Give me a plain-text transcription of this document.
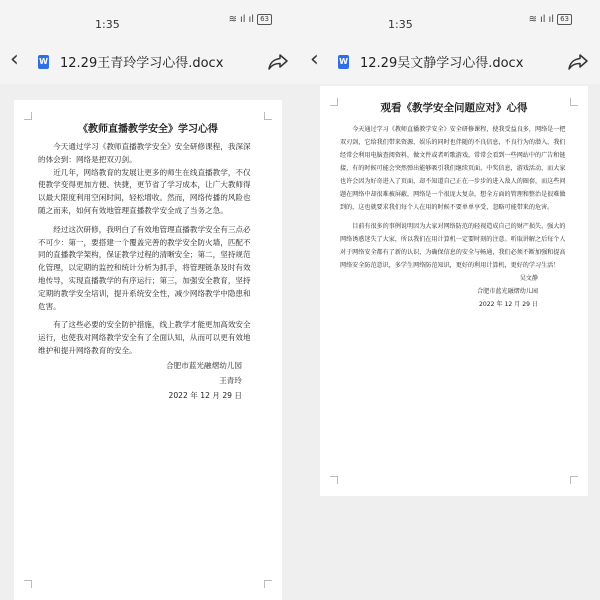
1:35	≋ ıl ıl 63
‹	W 12.29王青玲学习心得.docx

《教师直播教学安全》学习心得

今天通过学习《教师直播教学安全》安全研修课程，我深深的体会到：网络是把双刃剑。

近几年，网络教育的发展让更多的师生在线直播教学，不仅使教学变得更加方便、快捷，更节省了学习成本，让广大教师得以最大限度利用空闲时间，轻松增收。然而，网络传播的风险也随之而来，如何有效地管理直播教学安全成了当务之急。

经过这次研修，我明白了有效地管理直播教学安全有三点必不可少：第一，要搭建一个覆盖完善的教学安全防火墙，匹配不同的直播教学架构，保证教学过程的清晰安全；第二，坚持规范化管理，以定期的监控和统计分析为抓手，将管理链条及时有效地传导，实现直播教学的有序运行；第三，加强安全教育，坚持定期的教学安全培训，提升系统安全性，减少网络教学中隐患和危害。

有了这些必要的安全防护措施，线上教学才能更加高效安全运行，也使我对网络教学安全有了全面认知，从而可以更有效地维护和提升网络教育的安全。

合肥市蓝光融熠幼儿园

王青玲

2022 年 12 月 29 日

1:35	≋ ıl ıl 63
‹	W 12.29吴文静学习心得.docx

观看《教学安全问题应对》心得

今天通过学习《教师直播教学安全》安全研修课程，使我受益良多，网络是一把双刃剑，它给我们带来资源、娱乐的同时也伴随的不良信息，不良行为的潜入，我们经常会利用电脑查阅资料，做文件或者听歌游戏，常常会看到一些网站中的广告和链接，有的时候可能会突然弹出能够吸引我们继续页面，中奖信息，游戏活动，而大家也许会因为好奇进入了页面，却不知道自己正在一步步的进入敌人的圈套，而这些问题在网络中却很难被屏蔽，网络是一个很庞大复杂，想全方面的管理和整治是很难做到的，这也就要求我们每个人在用的时候不要单单享受，忽略可能带来的危害。

目前有很多的事例说明因为大家对网络防范的轻视造成自己的财产损失，强大的网络诱惑迷失了大家，所以我们在用计算机一定要时刻的注意。听取讲解之后每个人对于网络安全都有了新的认识，为确保信息的安全与畅通，我们必须不断加强和提高网络安全防范意识，多学生网络防范知识，更好的利用计算机，更好的学习生活！

吴文静

合肥市蓝光融熠幼儿园

2022 年 12 月 29 日
